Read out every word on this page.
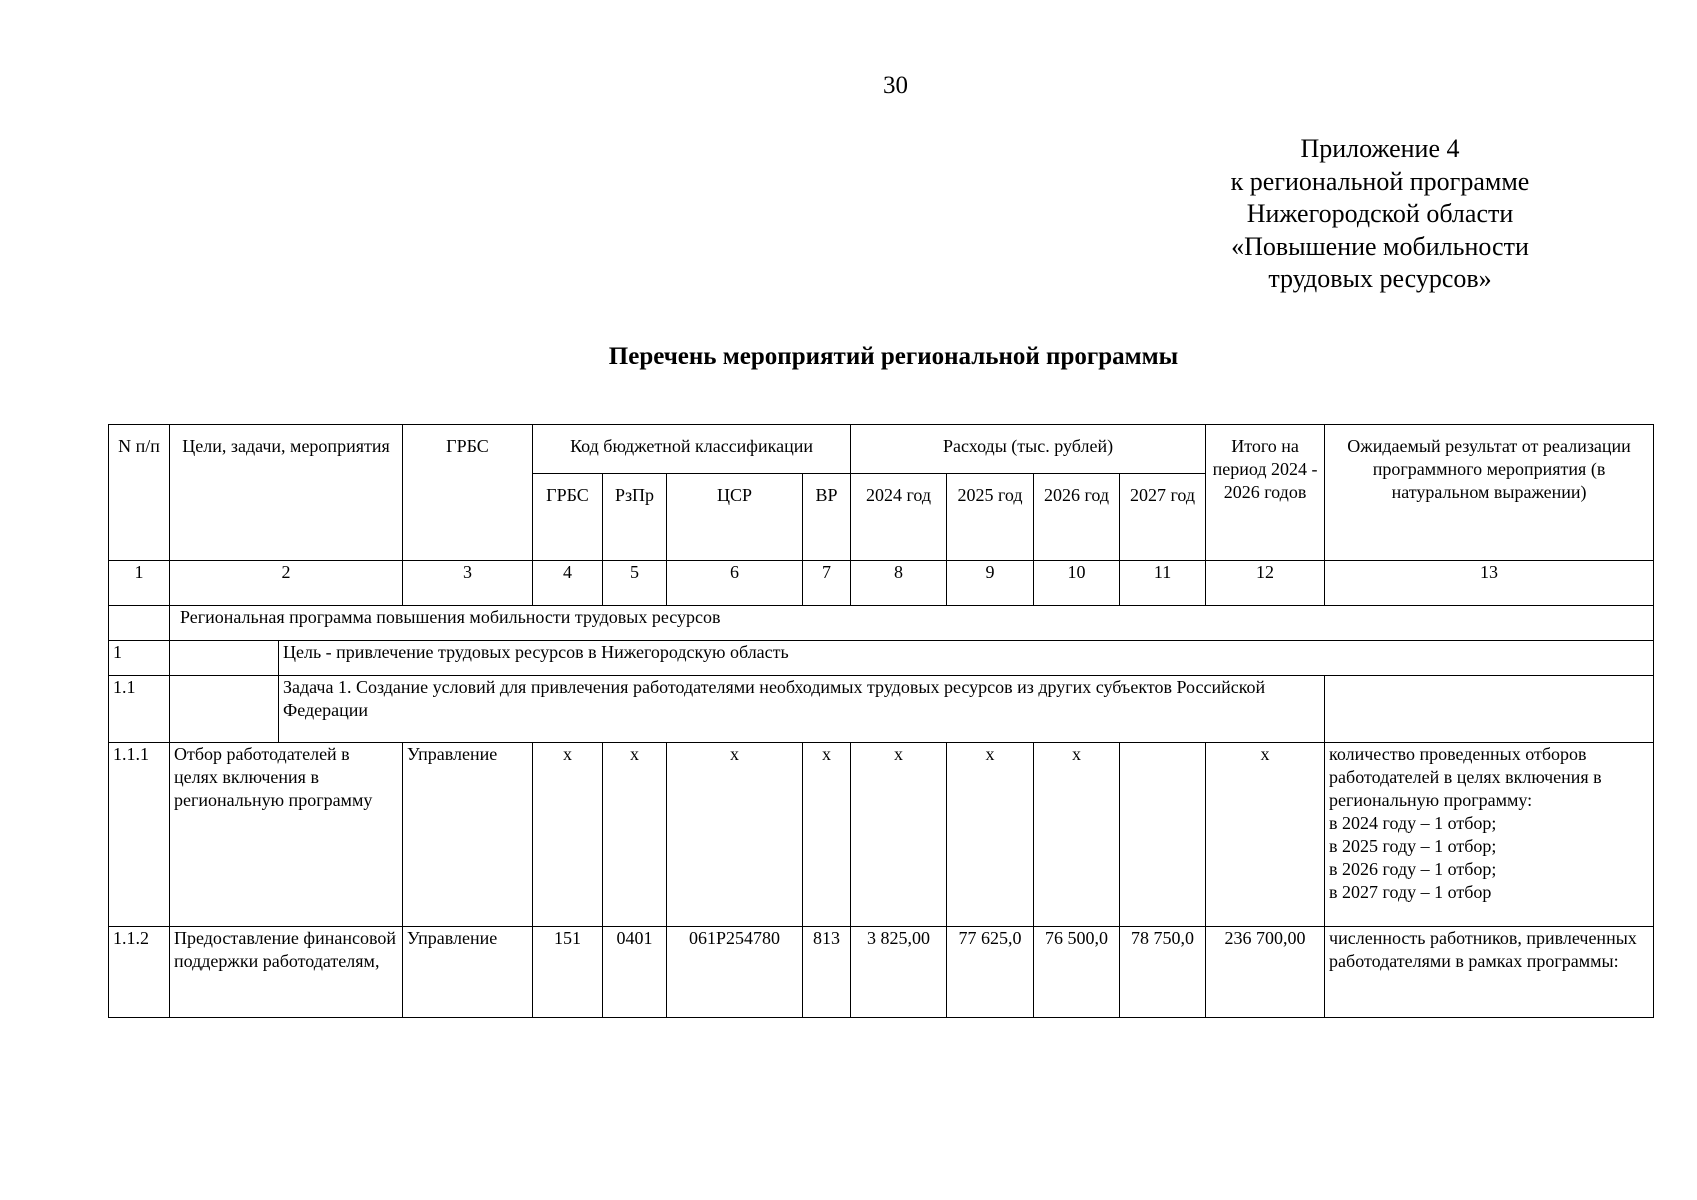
30
Приложение 4
к региональной программе
Нижегородской области
«Повышение мобильности
трудовых ресурсов»
Перечень мероприятий региональной программы
N п/п	Цели, задачи, мероприятия		ГРБС	Код бюджетной классификации				Расходы (тыс. рублей)				Итого на период 2024 - 2026 годов	Ожидаемый результат от реализации программного мероприятия (в натуральном выражении)
				ГРБС	РзПр	ЦСР	ВР	2024 год	2025 год	2026 год	2027 год		
1	2		3	4	5	6	7	8	9	10	11	12	13
	Региональная программа повышения мобильности трудовых ресурсов												
1		Цель - привлечение трудовых ресурсов в Нижегородскую область											
1.1		Задача 1. Создание условий для привлечения работодателями необходимых трудовых ресурсов из других субъектов Российской Федерации											
1.1.1	Отбор работодателей в целях включения в региональную программу		Управление	х	х	х	х	х	х	х		х	количество проведенных отборов работодателей в целях включения в региональную программу:
в 2024 году – 1 отбор;
в 2025 году – 1 отбор;
в 2026 году – 1 отбор;
в 2027 году – 1 отбор

1.1.2	Предоставление финансовой поддержки работодателям,		Управление	151	0401	061Р254780	813	3 825,00	77 625,0	76 500,0	78 750,0	236 700,00	численность работников, привлеченных работодателями в рамках программы:
